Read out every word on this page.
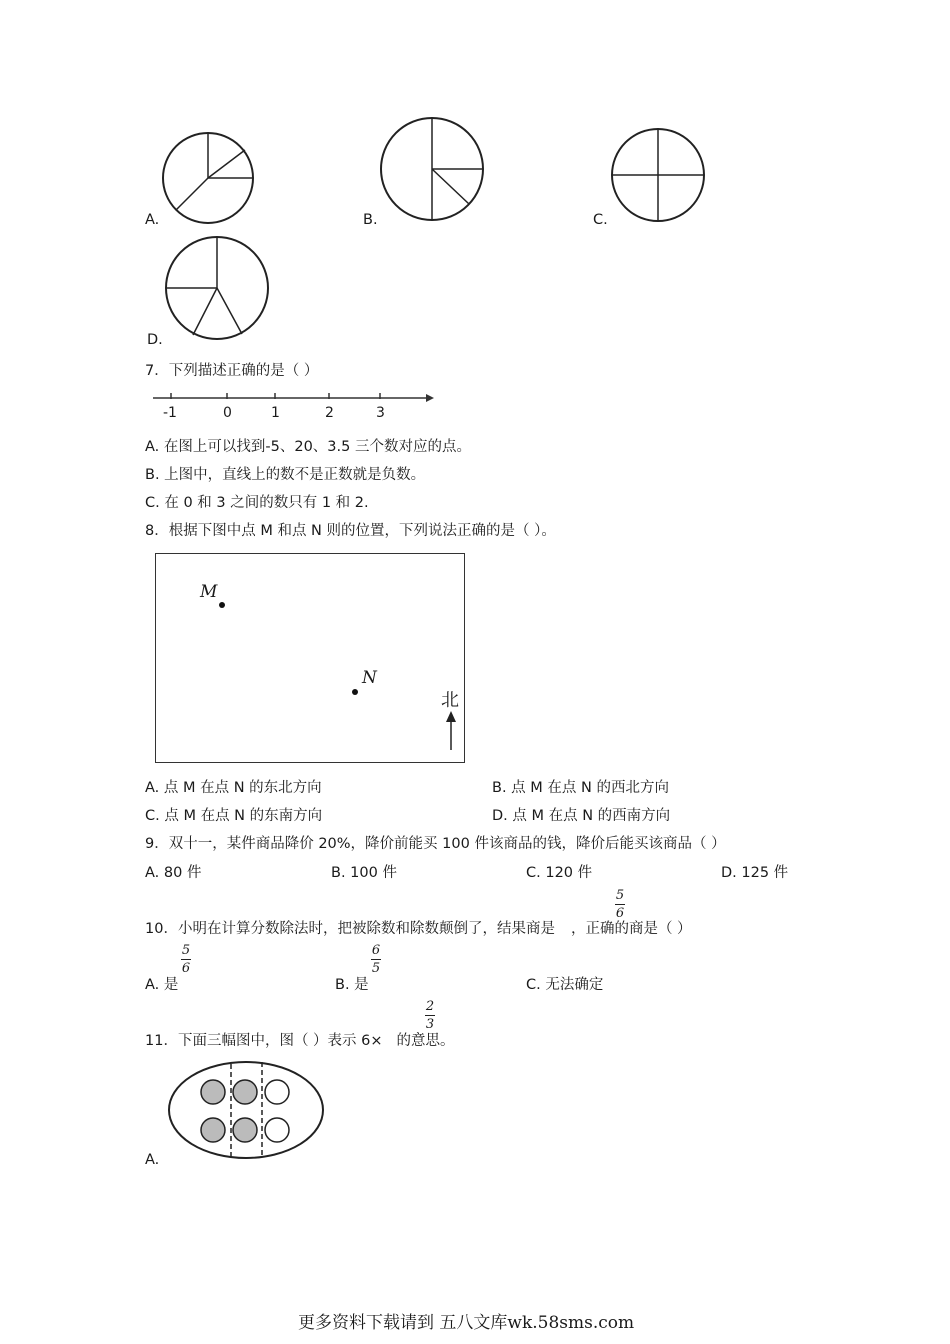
A.	B.	C.
D.
7．下列描述正确的是（ ）
-1	0	1	2	3
A. 在图上可以找到-5、20、3.5 三个数对应的点。
B. 上图中，直线上的数不是正数就是负数。
C. 在 0 和 3 之间的数只有 1 和 2.
8．根据下图中点 M 和点 N 则的位置，下列说法正确的是（ ）。
M
N
北
A. 点 M 在点 N 的东北方向	B. 点 M 在点 N 的西北方向
C. 点 M 在点 N 的东南方向	D. 点 M 在点 N 的西南方向
9．双十一，某件商品降价 20%，降价前能买 100 件该商品的钱，降价后能买该商品（ ）
A. 80 件	B. 100 件	C. 120 件	D. 125 件
10．小明在计算分数除法时，把被除数和除数颠倒了，结果商是 ，正确的商是（ ）
5
6
A. 是
5
6
B. 是
6
5
C. 无法确定
11．下面三幅图中，图（ ）表示 6× 的意思。
2
3
A.
更多资料下载请到 五八文库wk.58sms.com
